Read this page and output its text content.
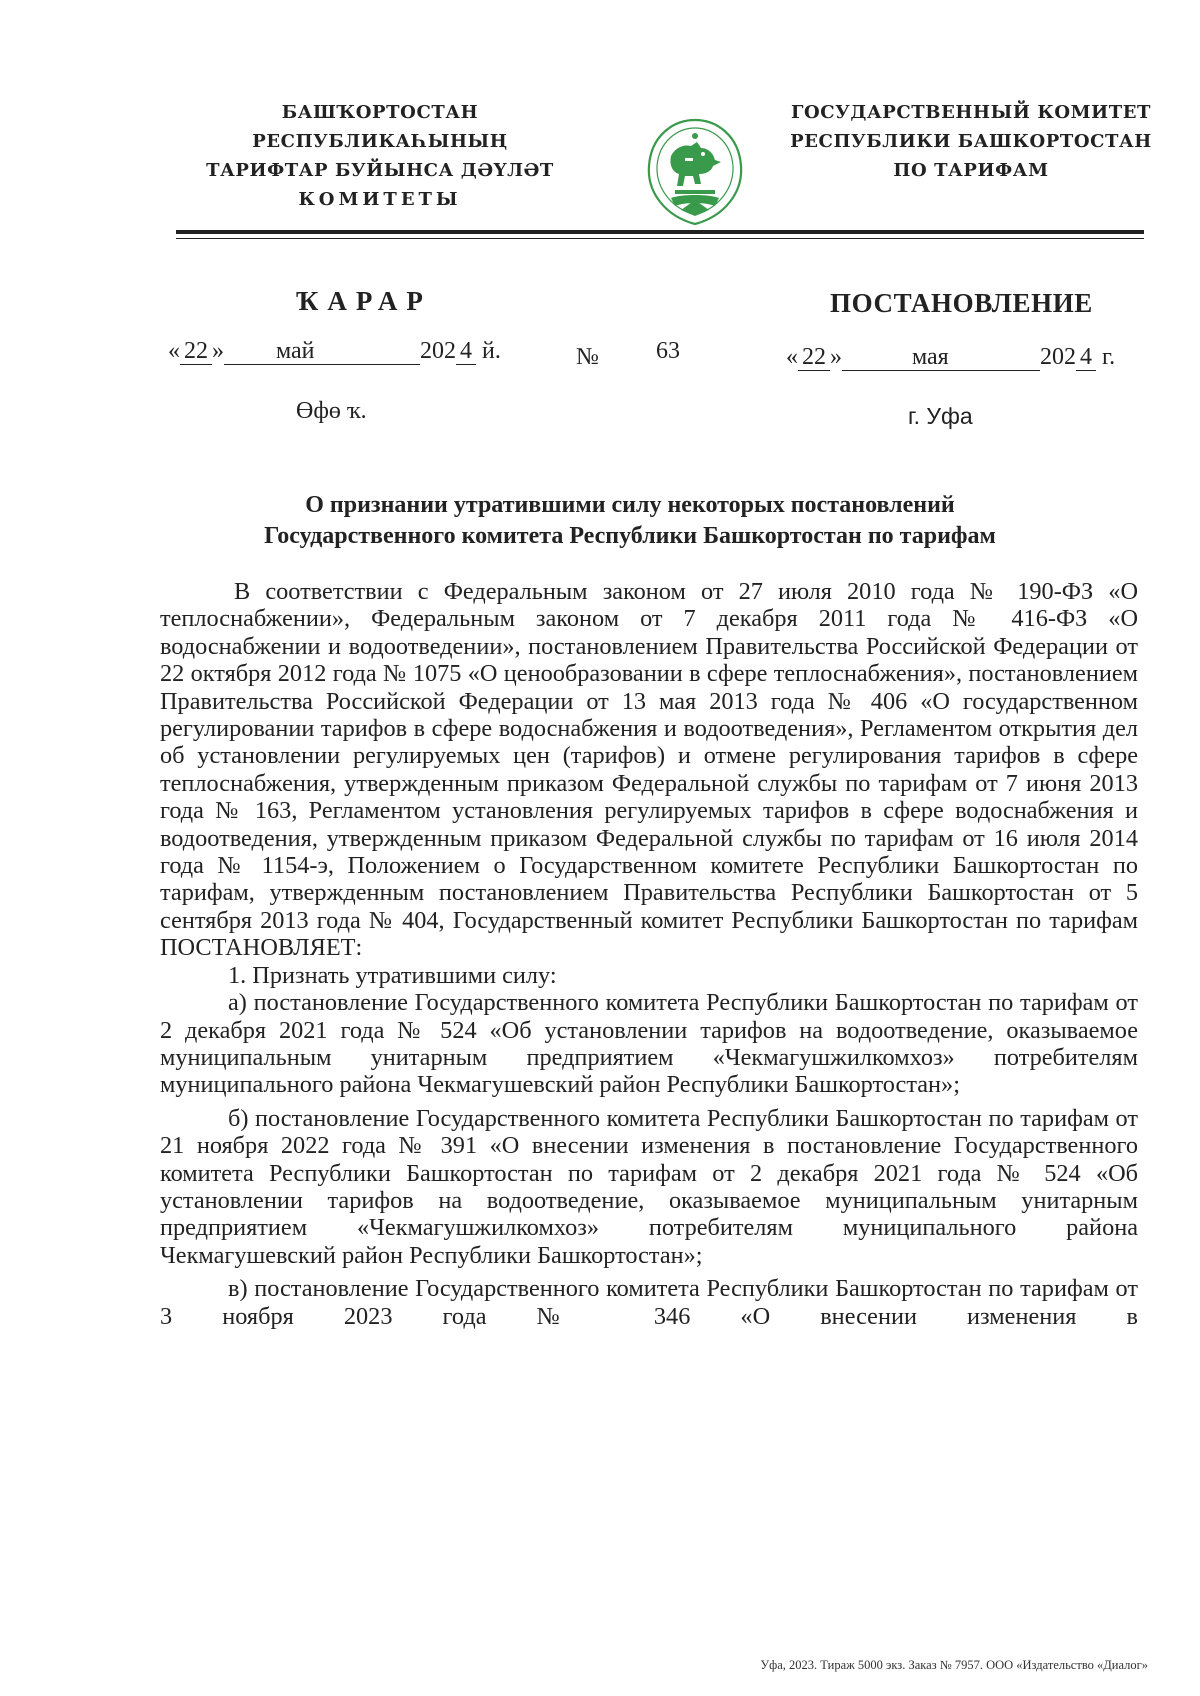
БАШҠОРТОСТАН РЕСПУБЛИКАҺЫНЫҢ
ТАРИФТАР БУЙЫНСА ДӘҮЛӘТ
КОМИТЕТЫ
ГОСУДАРСТВЕННЫЙ КОМИТЕТ
РЕСПУБЛИКИ БАШКОРТОСТАН
ПО ТАРИФАМ
ҠАРАР	ПОСТАНОВЛЕНИЕ
« 22 » май	202 4 й.	№ 63	« 22 »	мая	202 4 г.
Өфө ҡ.	г. Уфа
О признании утратившими силу некоторых постановлений
Государственного комитета Республики Башкортостан по тарифам

В соответствии с Федеральным законом от 27 июля 2010 года № 190-ФЗ «О теплоснабжении», Федеральным законом от 7 декабря 2011 года № 416-ФЗ «О водоснабжении и водоотведении», постановлением Правительства Российской Федерации от 22 октября 2012 года № 1075 «О ценообразовании в сфере теплоснабжения», постановлением Правительства Российской Федерации от 13 мая 2013 года № 406 «О государственном регулировании тарифов в сфере водоснабжения и водоотведения», Регламентом открытия дел об установлении регулируемых цен (тарифов) и отмене регулирования тарифов в сфере теплоснабжения, утвержденным приказом Федеральной службы по тарифам от 7 июня 2013 года № 163, Регламентом установления регулируемых тарифов в сфере водоснабжения и водоотведения, утвержденным приказом Федеральной службы по тарифам от 16 июля 2014 года № 1154-э, Положением о Государственном комитете Республики Башкортостан по тарифам, утвержденным постановлением Правительства Республики Башкортостан от 5 сентября 2013 года № 404, Государственный комитет Республики Башкортостан по тарифам ПОСТАНОВЛЯЕТ:

1. Признать утратившими силу:

а) постановление Государственного комитета Республики Башкортостан по тарифам от 2 декабря 2021 года № 524 «Об установлении тарифов на водоотведение, оказываемое муниципальным унитарным предприятием «Чекмагушжилкомхоз» потребителям муниципального района Чекмагушевский район Республики Башкортостан»;

б) постановление Государственного комитета Республики Башкортостан по тарифам от 21 ноября 2022 года № 391 «О внесении изменения в постановление Государственного комитета Республики Башкортостан по тарифам от 2 декабря 2021 года № 524 «Об установлении тарифов на водоотведение, оказываемое муниципальным унитарным предприятием «Чекмагушжилкомхоз» потребителям муниципального района Чекмагушевский район Республики Башкортостан»;

в) постановление Государственного комитета Республики Башкортостан по тарифам от 3 ноября 2023 года № 346 «О внесении изменения в

Уфа, 2023. Тираж 5000 экз. Заказ № 7957. ООО «Издательство «Диалог»
